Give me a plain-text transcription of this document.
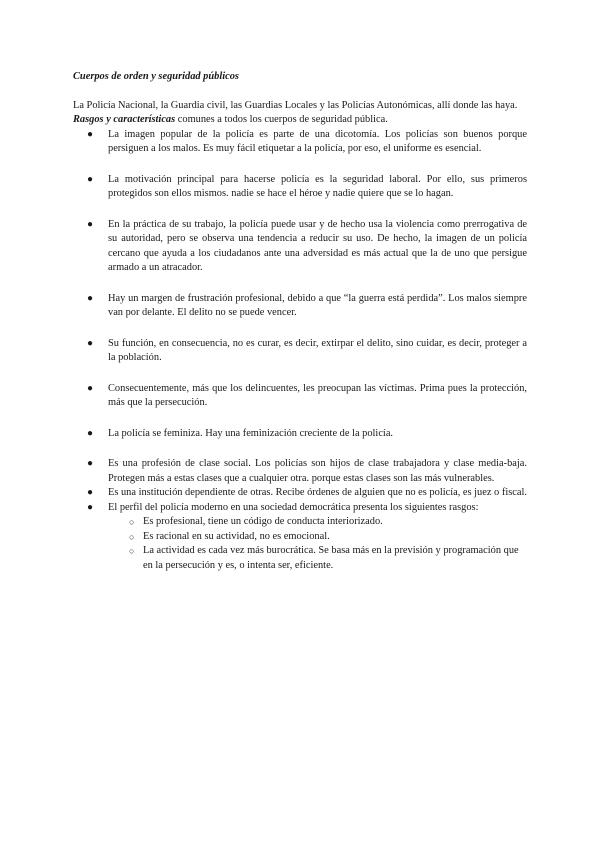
Cuerpos de orden y seguridad públicos

La Policía Nacional, la Guardia civil, las Guardias Locales y las Policías Autonómicas, allí donde las haya.

Rasgos y características comunes a todos los cuerpos de seguridad pública.

● La imagen popular de la policía es parte de una dicotomía. Los policías son buenos porque persiguen a los malos. Es muy fácil etiquetar a la policía, por eso, el uniforme es esencial.
● La motivación principal para hacerse policía es la seguridad laboral. Por ello, sus primeros protegidos son ellos mismos. nadie se hace el héroe y nadie quiere que se lo hagan.
● En la práctica de su trabajo, la policía puede usar y de hecho usa la violencia como prerrogativa de su autoridad, pero se observa una tendencia a reducir su uso. De hecho, la imagen de un policía cercano que ayuda a los ciudadanos ante una adversidad es más actual que la de uno que persigue armado a un atracador.
● Hay un margen de frustración profesional, debido a que “la guerra está perdida”. Los malos siempre van por delante. El delito no se puede vencer.
● Su función, en consecuencia, no es curar, es decir, extirpar el delito, sino cuidar, es decir, proteger a la población.
● Consecuentemente, más que los delincuentes, les preocupan las víctimas. Prima pues la protección, más que la persecución.
● La policía se feminiza. Hay una feminización creciente de la policía.
● Es una profesión de clase social. Los policías son hijos de clase trabajadora y clase media-baja. Protegen más a estas clases que a cualquier otra. porque estas clases son las más vulnerables.
● Es una institución dependiente de otras. Recibe órdenes de alguien que no es policía, es juez o fiscal.
● El perfil del policía moderno en una sociedad democrática presenta los siguientes rasgos:
○ Es profesional, tiene un código de conducta interiorizado.
○ Es racional en su actividad, no es emocional.
○ La actividad es cada vez más burocrática. Se basa más en la previsión y programación que en la persecución y es, o intenta ser, eficiente.
